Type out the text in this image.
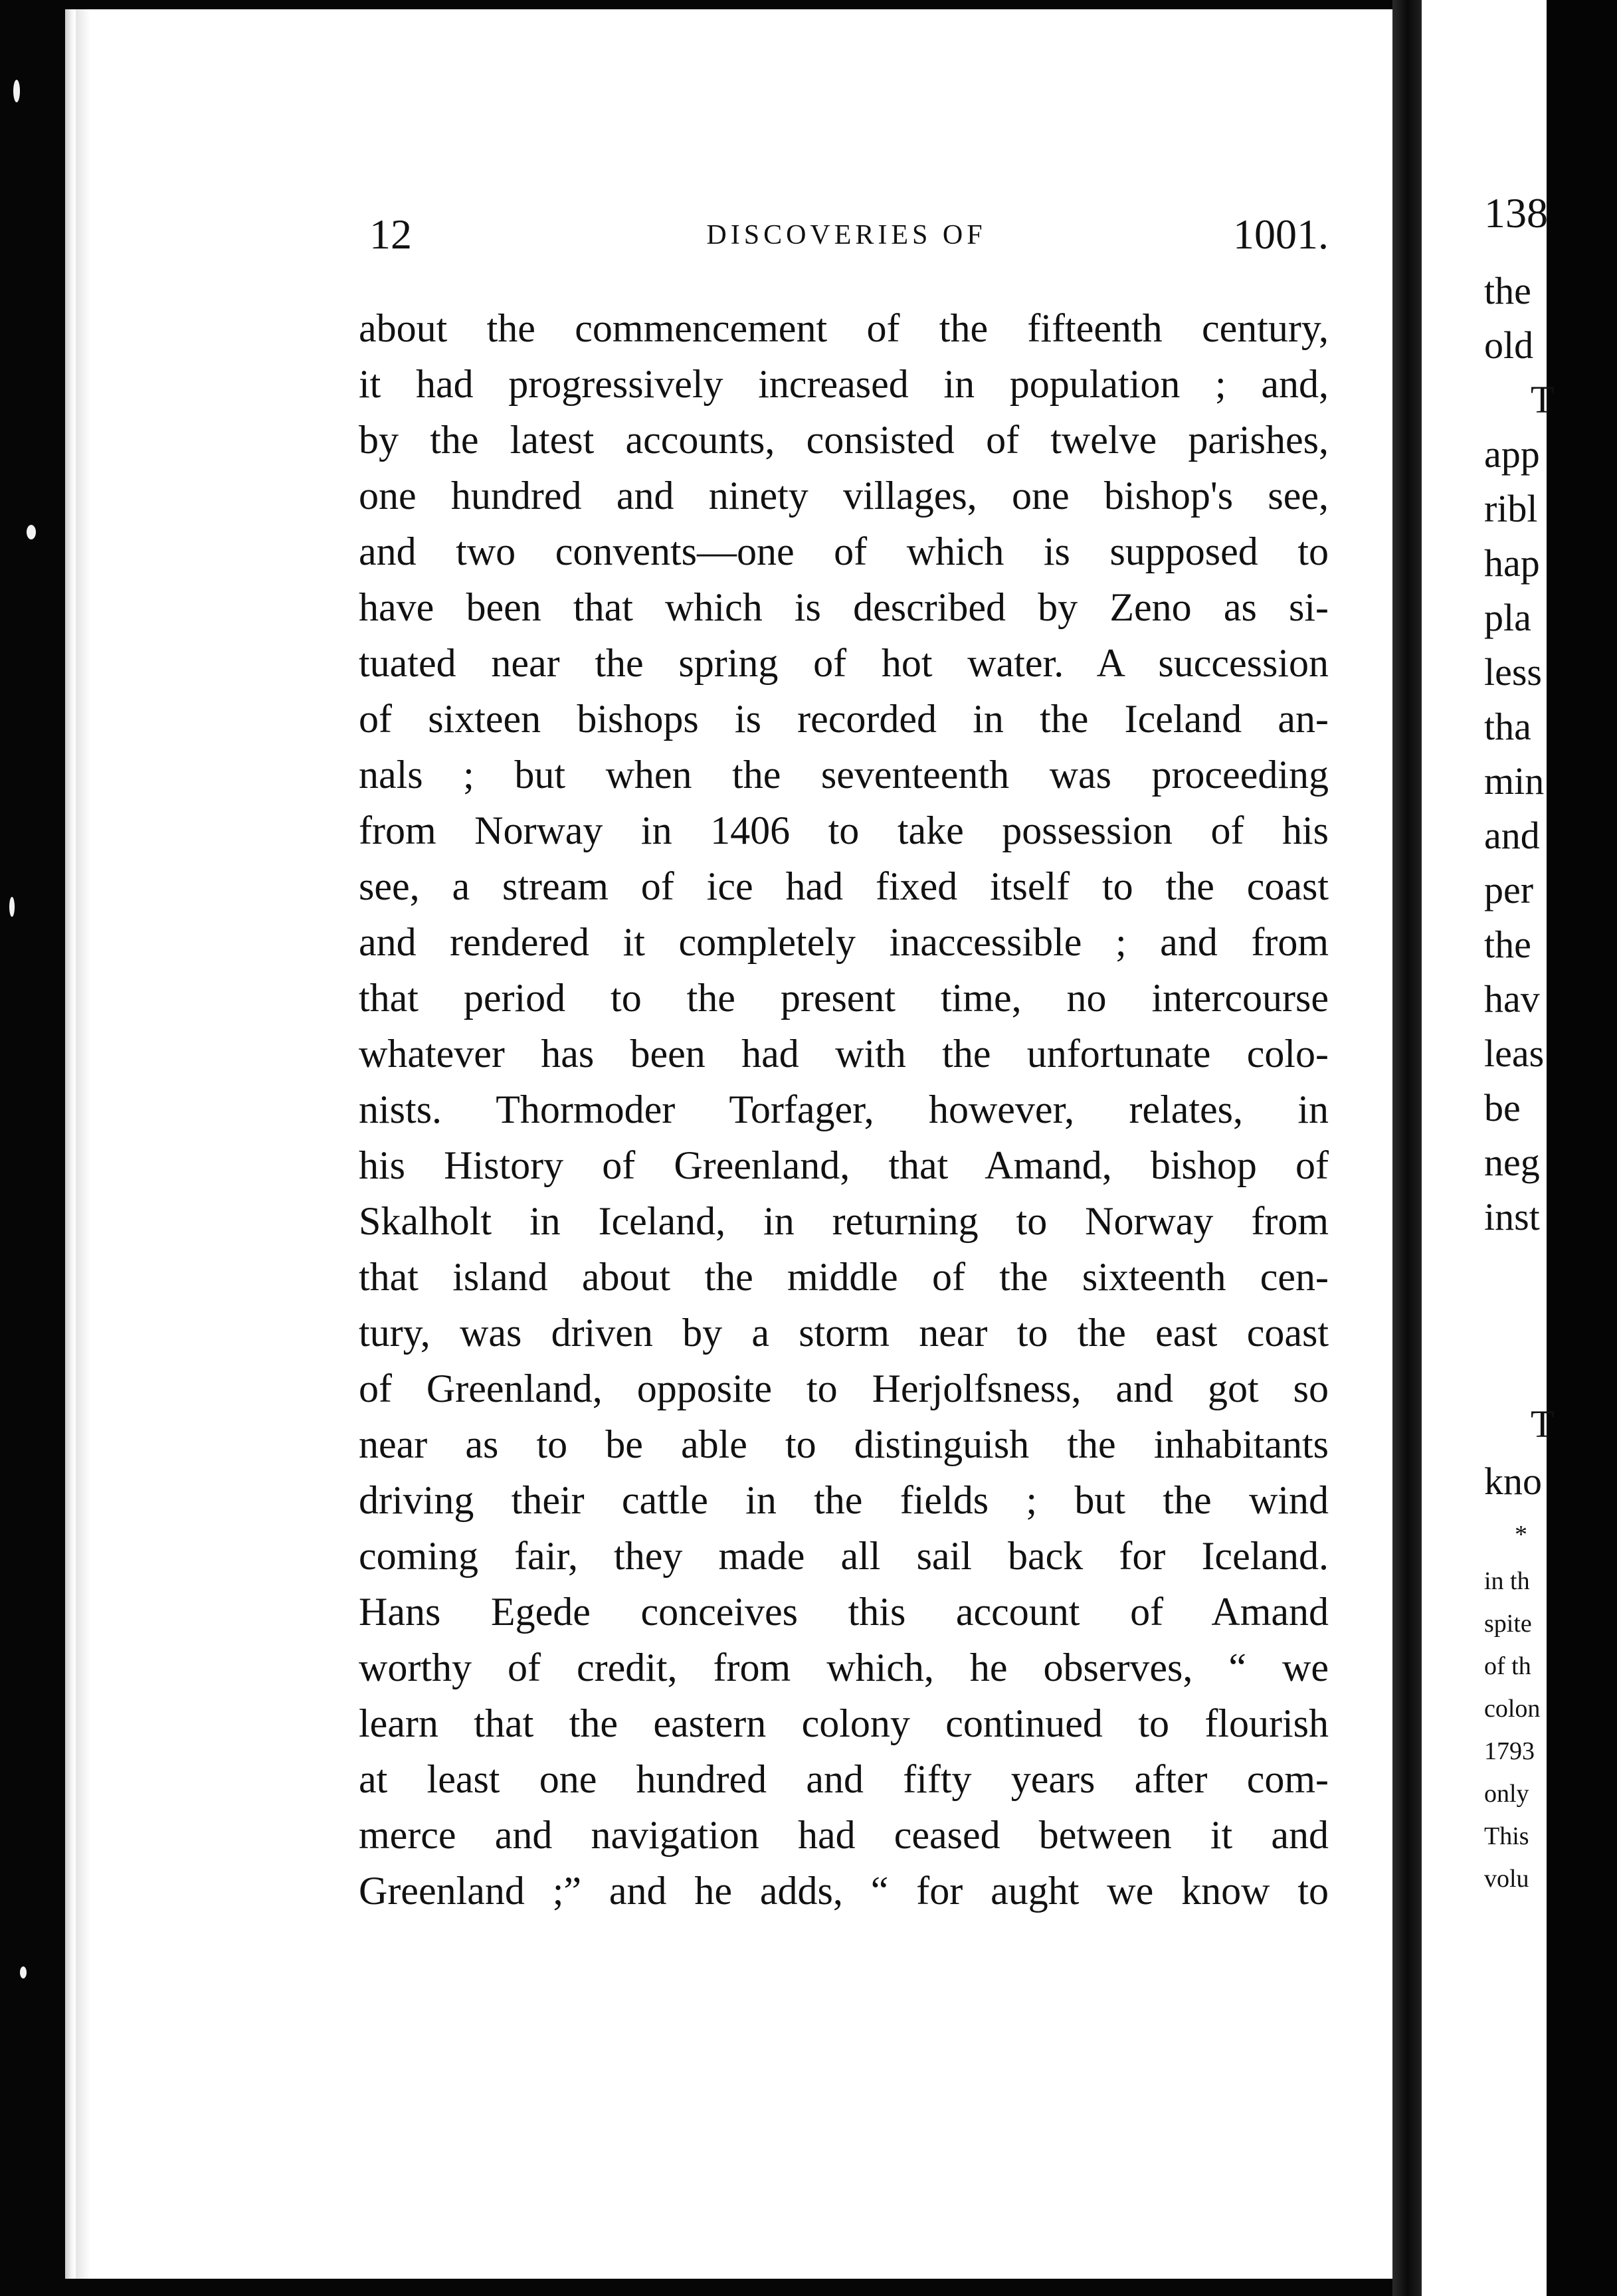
12	DISCOVERIES OF	1001.
about the commencement of the fifteenth century,
it had progressively increased in population ; and,
by the latest accounts, consisted of twelve parishes,
one hundred and ninety villages, one bishop's see,
and two convents—one of which is supposed to
have been that which is described by Zeno as si-
tuated near the spring of hot water. A succession
of sixteen bishops is recorded in the Iceland an-
nals ; but when the seventeenth was proceeding
from Norway in 1406 to take possession of his
see, a stream of ice had fixed itself to the coast
and rendered it completely inaccessible ; and from
that period to the present time, no intercourse
whatever has been had with the unfortunate colo-
nists. Thormoder Torfager, however, relates, in
his History of Greenland, that Amand, bishop of
Skalholt in Iceland, in returning to Norway from
that island about the middle of the sixteenth cen-
tury, was driven by a storm near to the east coast
of Greenland, opposite to Herjolfsness, and got so
near as to be able to distinguish the inhabitants
driving their cattle in the fields ; but the wind
coming fair, they made all sail back for Iceland.
Hans Egede conceives this account of Amand
worthy of credit, from which, he observes, “ we
learn that the eastern colony continued to flourish
at least one hundred and fifty years after com-
merce and navigation had ceased between it and
Greenland ;” and he adds, “ for aught we know to
138
the
old
T
app
ribl
hap
pla
less
tha
min
and
per
the
hav
leas
be
neg
inst
T
kno
*
in th
spite
of th
colon
1793
only
This
volu
